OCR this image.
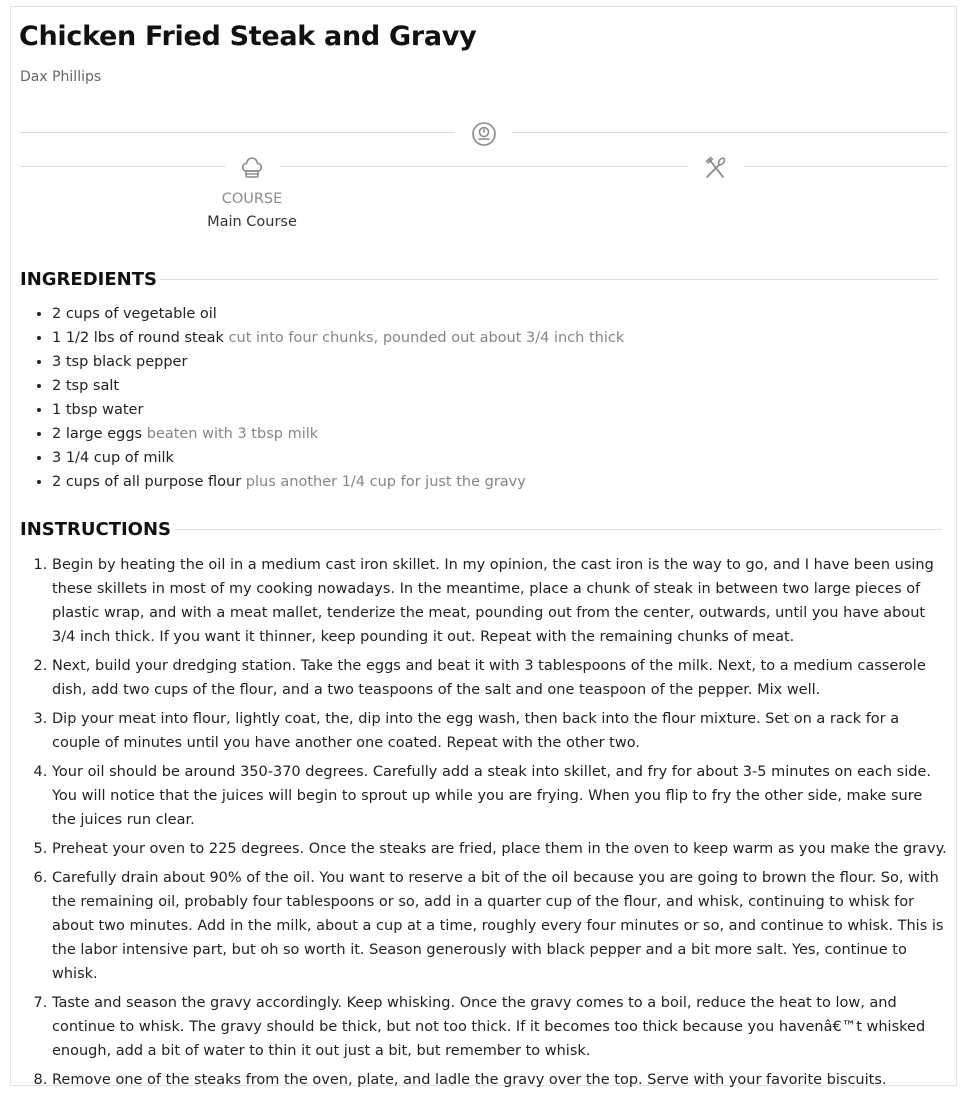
Chicken Fried Steak and Gravy
Dax Phillips
COURSE
Main Course
INGREDIENTS
• 2 cups of vegetable oil
• 1 1/2 lbs of round steak cut into four chunks, pounded out about 3/4 inch thick
• 3 tsp black pepper
• 2 tsp salt
• 1 tbsp water
• 2 large eggs beaten with 3 tbsp milk
• 3 1/4 cup of milk
• 2 cups of all purpose flour plus another 1/4 cup for just the gravy
INSTRUCTIONS
1. Begin by heating the oil in a medium cast iron skillet. In my opinion, the cast iron is the way to go, and I have been using these skillets in most of my cooking nowadays. In the meantime, place a chunk of steak in between two large pieces of plastic wrap, and with a meat mallet, tenderize the meat, pounding out from the center, outwards, until you have about 3/4 inch thick. If you want it thinner, keep pounding it out. Repeat with the remaining chunks of meat.
2. Next, build your dredging station. Take the eggs and beat it with 3 tablespoons of the milk. Next, to a medium casserole dish, add two cups of the flour, and a two teaspoons of the salt and one teaspoon of the pepper. Mix well.
3. Dip your meat into flour, lightly coat, the, dip into the egg wash, then back into the flour mixture. Set on a rack for a couple of minutes until you have another one coated. Repeat with the other two.
4. Your oil should be around 350-370 degrees. Carefully add a steak into skillet, and fry for about 3-5 minutes on each side. You will notice that the juices will begin to sprout up while you are frying. When you flip to fry the other side, make sure the juices run clear.
5. Preheat your oven to 225 degrees. Once the steaks are fried, place them in the oven to keep warm as you make the gravy.
6. Carefully drain about 90% of the oil. You want to reserve a bit of the oil because you are going to brown the flour. So, with the remaining oil, probably four tablespoons or so, add in a quarter cup of the flour, and whisk, continuing to whisk for about two minutes. Add in the milk, about a cup at a time, roughly every four minutes or so, and continue to whisk. This is the labor intensive part, but oh so worth it. Season generously with black pepper and a bit more salt. Yes, continue to whisk.
7. Taste and season the gravy accordingly. Keep whisking. Once the gravy comes to a boil, reduce the heat to low, and continue to whisk. The gravy should be thick, but not too thick. If it becomes too thick because you havenâ€™t whisked enough, add a bit of water to thin it out just a bit, but remember to whisk.
8. Remove one of the steaks from the oven, plate, and ladle the gravy over the top. Serve with your favorite biscuits.
